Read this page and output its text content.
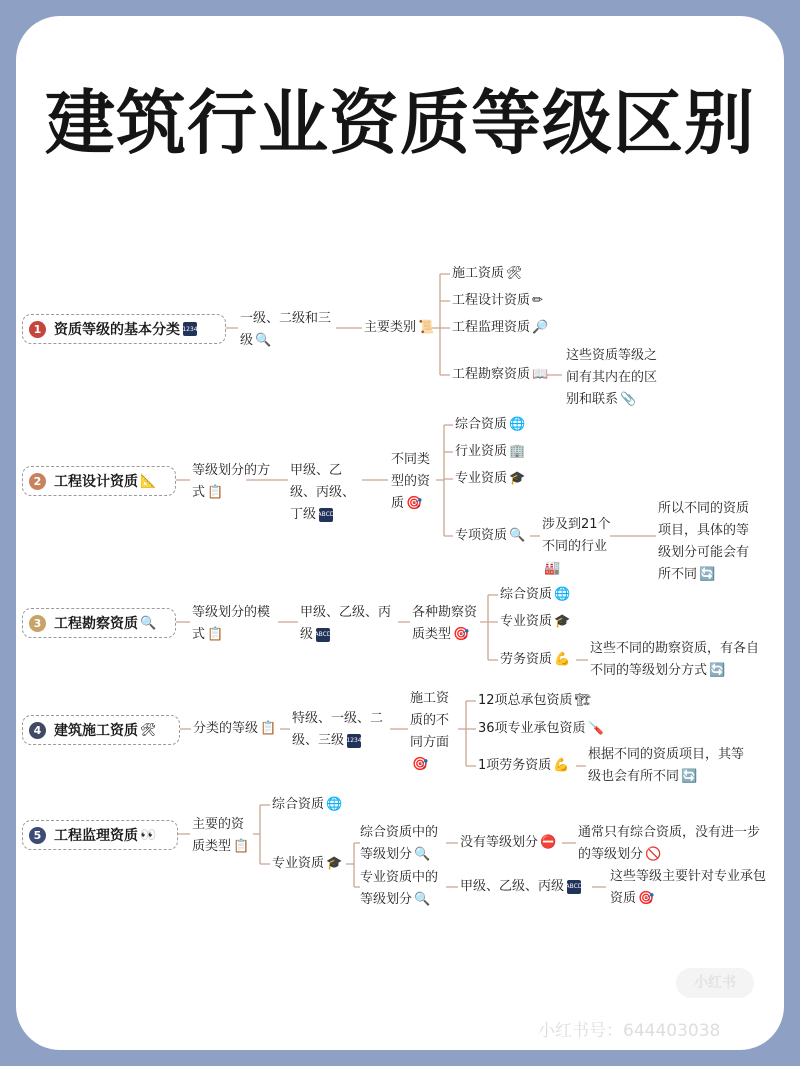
建筑行业资质等级区别
1 资质等级的基本分类 1234
一级、二级和三级 🔍
主要类别 📜
施工资质 🛠
工程设计资质 ✏
工程监理资质 🔎
工程勘察资质 📖
这些资质等级之间有其内在的区别和联系 📎
2 工程设计资质 📐
等级划分的方式 📋
甲级、乙级、丙级、丁级 ABCD
不同类型的资质 🎯
综合资质 🌐
行业资质 🏢
专业资质 🎓
专项资质 🔍
涉及到21个不同的行业🏭
所以不同的资质项目，具体的等级划分可能会有所不同 🔄
3 工程勘察资质 🔍
等级划分的模式 📋
甲级、乙级、丙级 ABCD
各种勘察资质类型 🎯
综合资质 🌐
专业资质 🎓
劳务资质 💪
这些不同的勘察资质，有各自不同的等级划分方式 🔄
4 建筑施工资质 🛠	分类的等级 📋
特级、一级、二级、三级 1234
施工资质的不同方面🎯
12项总承包资质 🏗
36项专业承包资质 🪛
1项劳务资质 💪
根据不同的资质项目，其等级也会有所不同 🔄
5 工程监理资质 👀
主要的资质类型 📋
综合资质 🌐
专业资质 🎓
综合资质中的等级划分 🔍
没有等级划分 ⛔
通常只有综合资质，没有进一步的等级划分 🚫
专业资质中的等级划分 🔍
甲级、乙级、丙级 ABCD
这些等级主要针对专业承包资质 🎯
小红书
小红书号：644403038
